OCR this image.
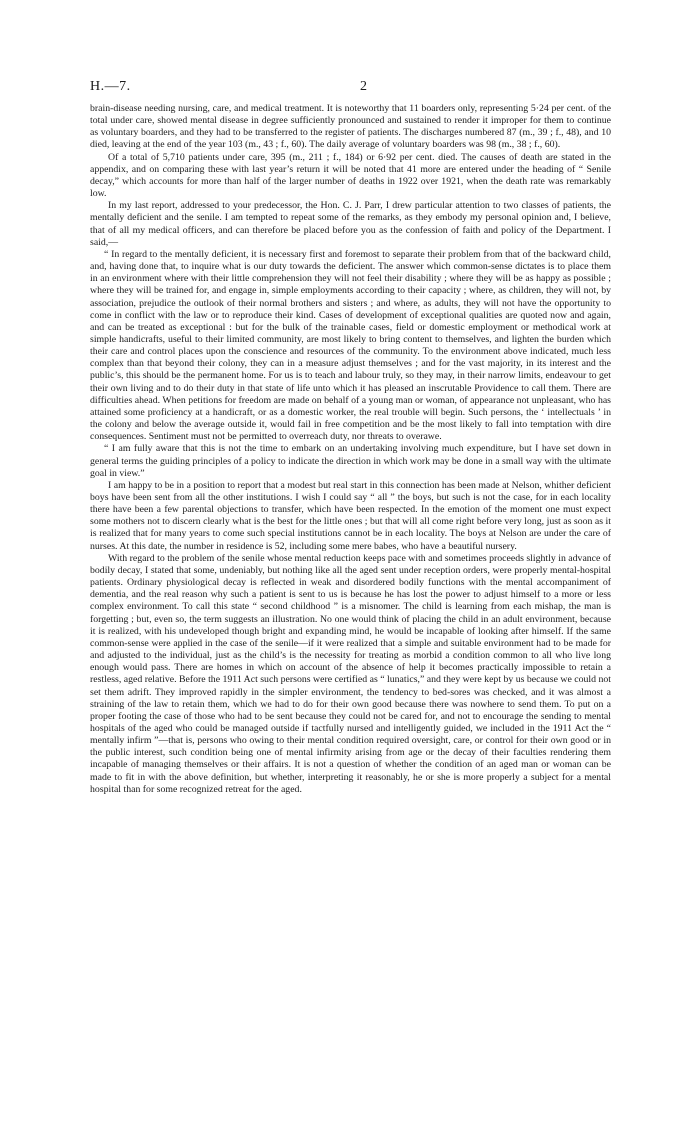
H.—7.	2

brain-disease needing nursing, care, and medical treatment. It is noteworthy that 11 boarders only, representing 5·24 per cent. of the total under care, showed mental disease in degree sufficiently pronounced and sustained to render it improper for them to continue as voluntary boarders, and they had to be transferred to the register of patients. The discharges numbered 87 (m., 39 ; f., 48), and 10 died, leaving at the end of the year 103 (m., 43 ; f., 60). The daily average of voluntary boarders was 98 (m., 38 ; f., 60).

Of a total of 5,710 patients under care, 395 (m., 211 ; f., 184) or 6·92 per cent. died. The causes of death are stated in the appendix, and on comparing these with last year’s return it will be noted that 41 more are entered under the heading of “ Senile decay,” which accounts for more than half of the larger number of deaths in 1922 over 1921, when the death rate was remarkably low.

In my last report, addressed to your predecessor, the Hon. C. J. Parr, I drew particular attention to two classes of patients, the mentally deficient and the senile. I am tempted to repeat some of the remarks, as they embody my personal opinion and, I believe, that of all my medical officers, and can therefore be placed before you as the confession of faith and policy of the Department. I said,—

“ In regard to the mentally deficient, it is necessary first and foremost to separate their problem from that of the backward child, and, having done that, to inquire what is our duty towards the deficient. The answer which common-sense dictates is to place them in an environment where with their little comprehension they will not feel their disability ; where they will be as happy as possible ; where they will be trained for, and engage in, simple employments according to their capacity ; where, as children, they will not, by association, prejudice the outlook of their normal brothers and sisters ; and where, as adults, they will not have the opportunity to come in conflict with the law or to reproduce their kind. Cases of development of exceptional qualities are quoted now and again, and can be treated as exceptional : but for the bulk of the trainable cases, field or domestic employment or methodical work at simple handicrafts, useful to their limited community, are most likely to bring content to themselves, and lighten the burden which their care and control places upon the conscience and resources of the community. To the environment above indicated, much less complex than that beyond their colony, they can in a measure adjust themselves ; and for the vast majority, in its interest and the public’s, this should be the permanent home. For us is to teach and labour truly, so they may, in their narrow limits, endeavour to get their own living and to do their duty in that state of life unto which it has pleased an inscrutable Providence to call them. There are difficulties ahead. When petitions for freedom are made on behalf of a young man or woman, of appearance not unpleasant, who has attained some proficiency at a handicraft, or as a domestic worker, the real trouble will begin. Such persons, the ‘ intellectuals ’ in the colony and below the average outside it, would fail in free competition and be the most likely to fall into temptation with dire consequences. Sentiment must not be permitted to overreach duty, nor threats to overawe.

“ I am fully aware that this is not the time to embark on an undertaking involving much expenditure, but I have set down in general terms the guiding principles of a policy to indicate the direction in which work may be done in a small way with the ultimate goal in view.”

I am happy to be in a position to report that a modest but real start in this connection has been made at Nelson, whither deficient boys have been sent from all the other institutions. I wish I could say “ all ” the boys, but such is not the case, for in each locality there have been a few parental objections to transfer, which have been respected. In the emotion of the moment one must expect some mothers not to discern clearly what is the best for the little ones ; but that will all come right before very long, just as soon as it is realized that for many years to come such special institutions cannot be in each locality. The boys at Nelson are under the care of nurses. At this date, the number in residence is 52, including some mere babes, who have a beautiful nursery.

With regard to the problem of the senile whose mental reduction keeps pace with and sometimes proceeds slightly in advance of bodily decay, I stated that some, undeniably, but nothing like all the aged sent under reception orders, were properly mental-hospital patients. Ordinary physiological decay is reflected in weak and disordered bodily functions with the mental accompaniment of dementia, and the real reason why such a patient is sent to us is because he has lost the power to adjust himself to a more or less complex environment. To call this state “ second childhood ” is a misnomer. The child is learning from each mishap, the man is forgetting ; but, even so, the term suggests an illustration. No one would think of placing the child in an adult environment, because it is realized, with his undeveloped though bright and expanding mind, he would be incapable of looking after himself. If the same common-sense were applied in the case of the senile—if it were realized that a simple and suitable environment had to be made for and adjusted to the individual, just as the child’s is the necessity for treating as morbid a condition common to all who live long enough would pass. There are homes in which on account of the absence of help it becomes practically impossible to retain a restless, aged relative. Before the 1911 Act such persons were certified as “ lunatics,” and they were kept by us because we could not set them adrift. They improved rapidly in the simpler environment, the tendency to bed-sores was checked, and it was almost a straining of the law to retain them, which we had to do for their own good because there was nowhere to send them. To put on a proper footing the case of those who had to be sent because they could not be cared for, and not to encourage the sending to mental hospitals of the aged who could be managed outside if tactfully nursed and intelligently guided, we included in the 1911 Act the “ mentally infirm ”—that is, persons who owing to their mental condition required oversight, care, or control for their own good or in the public interest, such condition being one of mental infirmity arising from age or the decay of their faculties rendering them incapable of managing themselves or their affairs. It is not a question of whether the condition of an aged man or woman can be made to fit in with the above definition, but whether, interpreting it reasonably, he or she is more properly a subject for a mental hospital than for some recognized retreat for the aged.
